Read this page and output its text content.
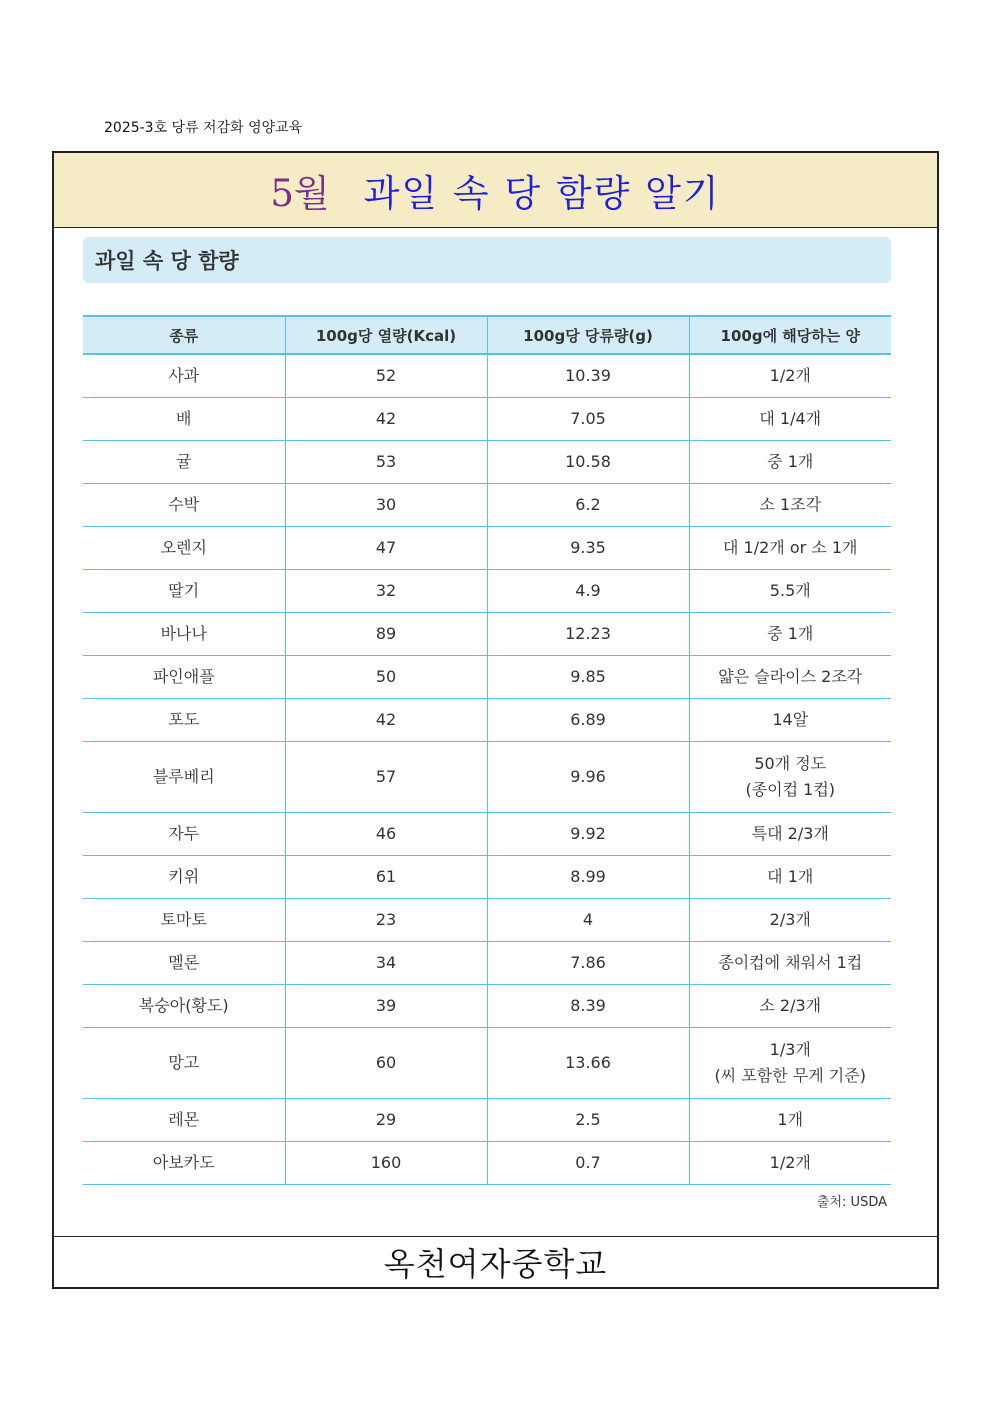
2025-3호 당류 저감화 영양교육
5월 과일 속 당 함량 알기
과일 속 당 함량
종류	100g당 열량(Kcal)	100g당 당류량(g)	100g에 해당하는 양
사과	52	10.39	1/2개
배	42	7.05	대 1/4개
귤	53	10.58	중 1개
수박	30	6.2	소 1조각
오렌지	47	9.35	대 1/2개 or 소 1개
딸기	32	4.9	5.5개
바나나	89	12.23	중 1개
파인애플	50	9.85	얇은 슬라이스 2조각
포도	42	6.89	14알
블루베리	57	9.96	50개 정도
(종이컵 1컵)
자두	46	9.92	특대 2/3개
키위	61	8.99	대 1개
토마토	23	4	2/3개
멜론	34	7.86	종이컵에 채워서 1컵
복숭아(황도)	39	8.39	소 2/3개
망고	60	13.66	1/3개
(씨 포함한 무게 기준)
레몬	29	2.5	1개
아보카도	160	0.7	1/2개
출처: USDA
옥천여자중학교
